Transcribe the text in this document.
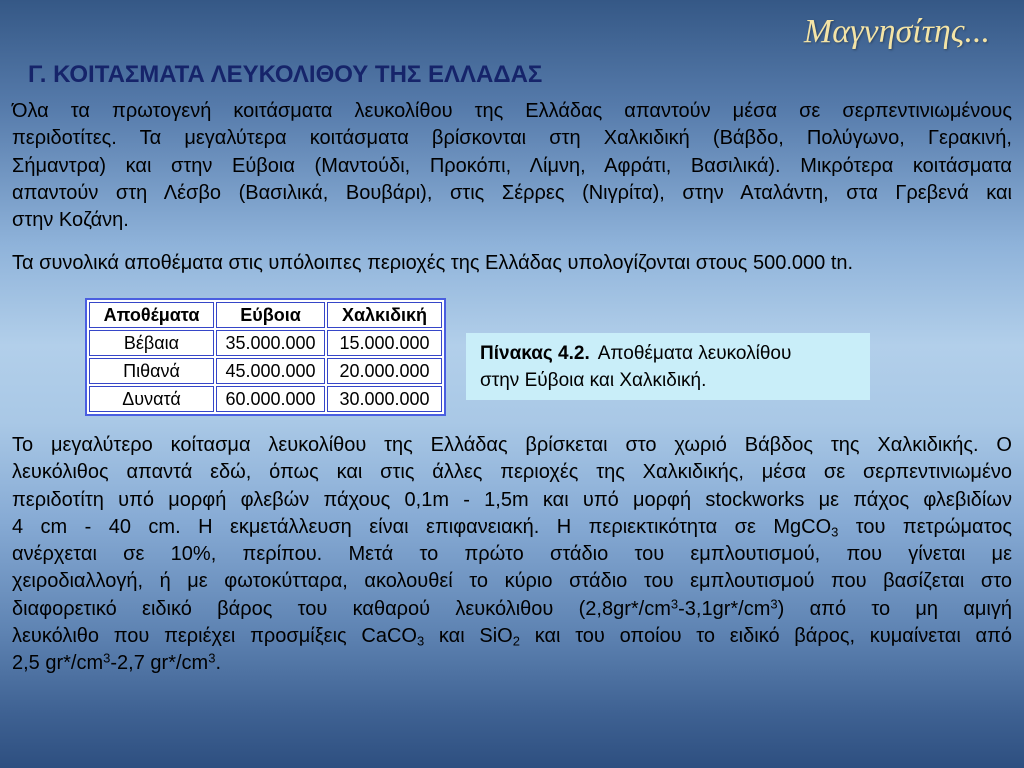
Μαγνησίτης...
Γ. ΚΟΙΤΑΣΜΑΤΑ ΛΕΥΚΟΛΙΘΟΥ ΤΗΣ ΕΛΛΑΔΑΣ
Όλα τα πρωτογενή κοιτάσματα λευκολίθου της Ελλάδας απαντούν μέσα σε σερπεντινιωμένους
περιδοτίτες. Τα μεγαλύτερα κοιτάσματα βρίσκονται στη Χαλκιδική (Βάβδο, Πολύγωνο, Γερακινή,
Σήμαντρα) και στην Εύβοια (Μαντούδι, Προκόπι, Λίμνη, Αφράτι, Βασιλικά). Μικρότερα κοιτάσματα
απαντούν στη Λέσβο (Βασιλικά, Βουβάρι), στις Σέρρες (Νιγρίτα), στην Αταλάντη, στα Γρεβενά και
στην Κοζάνη.
Τα συνολικά αποθέματα στις υπόλοιπες περιοχές της Ελλάδας υπολογίζονται στους 500.000 tn.
Αποθέματα	Εύβοια	Χαλκιδική
Βέβαια	35.000.000	15.000.000
Πιθανά	45.000.000	20.000.000
Δυνατά	60.000.000	30.000.000
Πίνακας 4.2. Αποθέματα λευκολίθου
στην Εύβοια και Χαλκιδική.
Το μεγαλύτερο κοίτασμα λευκολίθου της Ελλάδας βρίσκεται στο χωριό Βάβδος της Χαλκιδικής. Ο
λευκόλιθος απαντά εδώ, όπως και στις άλλες περιοχές της Χαλκιδικής, μέσα σε σερπεντινιωμένο
περιδοτίτη υπό μορφή φλεβών πάχους 0,1m - 1,5m και υπό μορφή stockworks με πάχος φλεβιδίων
4 cm - 40 cm. Η εκμετάλλευση είναι επιφανειακή. Η περιεκτικότητα σε MgCO$_3$ του πετρώματος
ανέρχεται σε 10%, περίπου. Μετά το πρώτο στάδιο του εμπλουτισμού, που γίνεται με
χειροδιαλλογή, ή με φωτοκύτταρα, ακολουθεί το κύριο στάδιο του εμπλουτισμού που βασίζεται στο
διαφορετικό ειδικό βάρος του καθαρού λευκόλιθου $(2,8gr*/cm^3-3,1gr*/cm^3)$ από το μη αμιγή
λευκόλιθο που περιέχει προσμίξεις CaCO$_3$ και SiO$_2$ και του οποίου το ειδικό βάρος, κυμαίνεται από
2,5 $gr*/cm^3-2,7$ $gr*/cm^3$.
